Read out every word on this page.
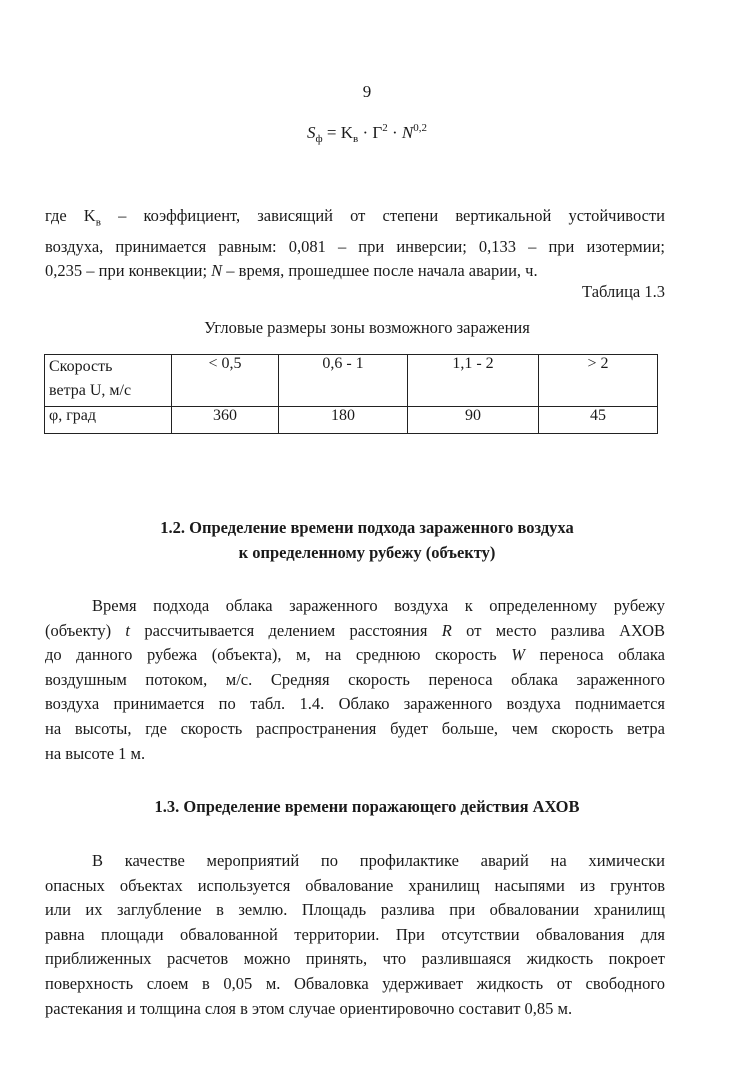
9
$S_ф = K_в \cdot Г^2 \cdot N^{0,2}$
где $K_в$ – коэффициент, зависящий от степени вертикальной устойчивости
воздуха, принимается равным: 0,081 – при инверсии; 0,133 – при изотермии;
0,235 – при конвекции; N – время, прошедшее после начала аварии, ч.
Таблица 1.3
Угловые размеры зоны возможного заражения
Скорость
ветра U, м/с	< 0,5	0,6 - 1	1,1 - 2	> 2
φ, град	360	180	90	45
1.2. Определение времени подхода зараженного воздуха
к определенному рубежу (объекту)
Время подхода облака зараженного воздуха к определенному рубежу
(объекту) t рассчитывается делением расстояния R от место разлива АХОВ
до данного рубежа (объекта), м, на среднюю скорость W переноса облака
воздушным потоком, м/с. Средняя скорость переноса облака зараженного
воздуха принимается по табл. 1.4. Облако зараженного воздуха поднимается
на высоты, где скорость распространения будет больше, чем скорость ветра
на высоте 1 м.
1.3. Определение времени поражающего действия АХОВ
В качестве мероприятий по профилактике аварий на химически
опасных объектах используется обвалование хранилищ насыпями из грунтов
или их заглубление в землю. Площадь разлива при обваловании хранилищ
равна площади обвалованной территории. При отсутствии обвалования для
приближенных расчетов можно принять, что разлившаяся жидкость покроет
поверхность слоем в 0,05 м. Обваловка удерживает жидкость от свободного
растекания и толщина слоя в этом случае ориентировочно составит 0,85 м.
